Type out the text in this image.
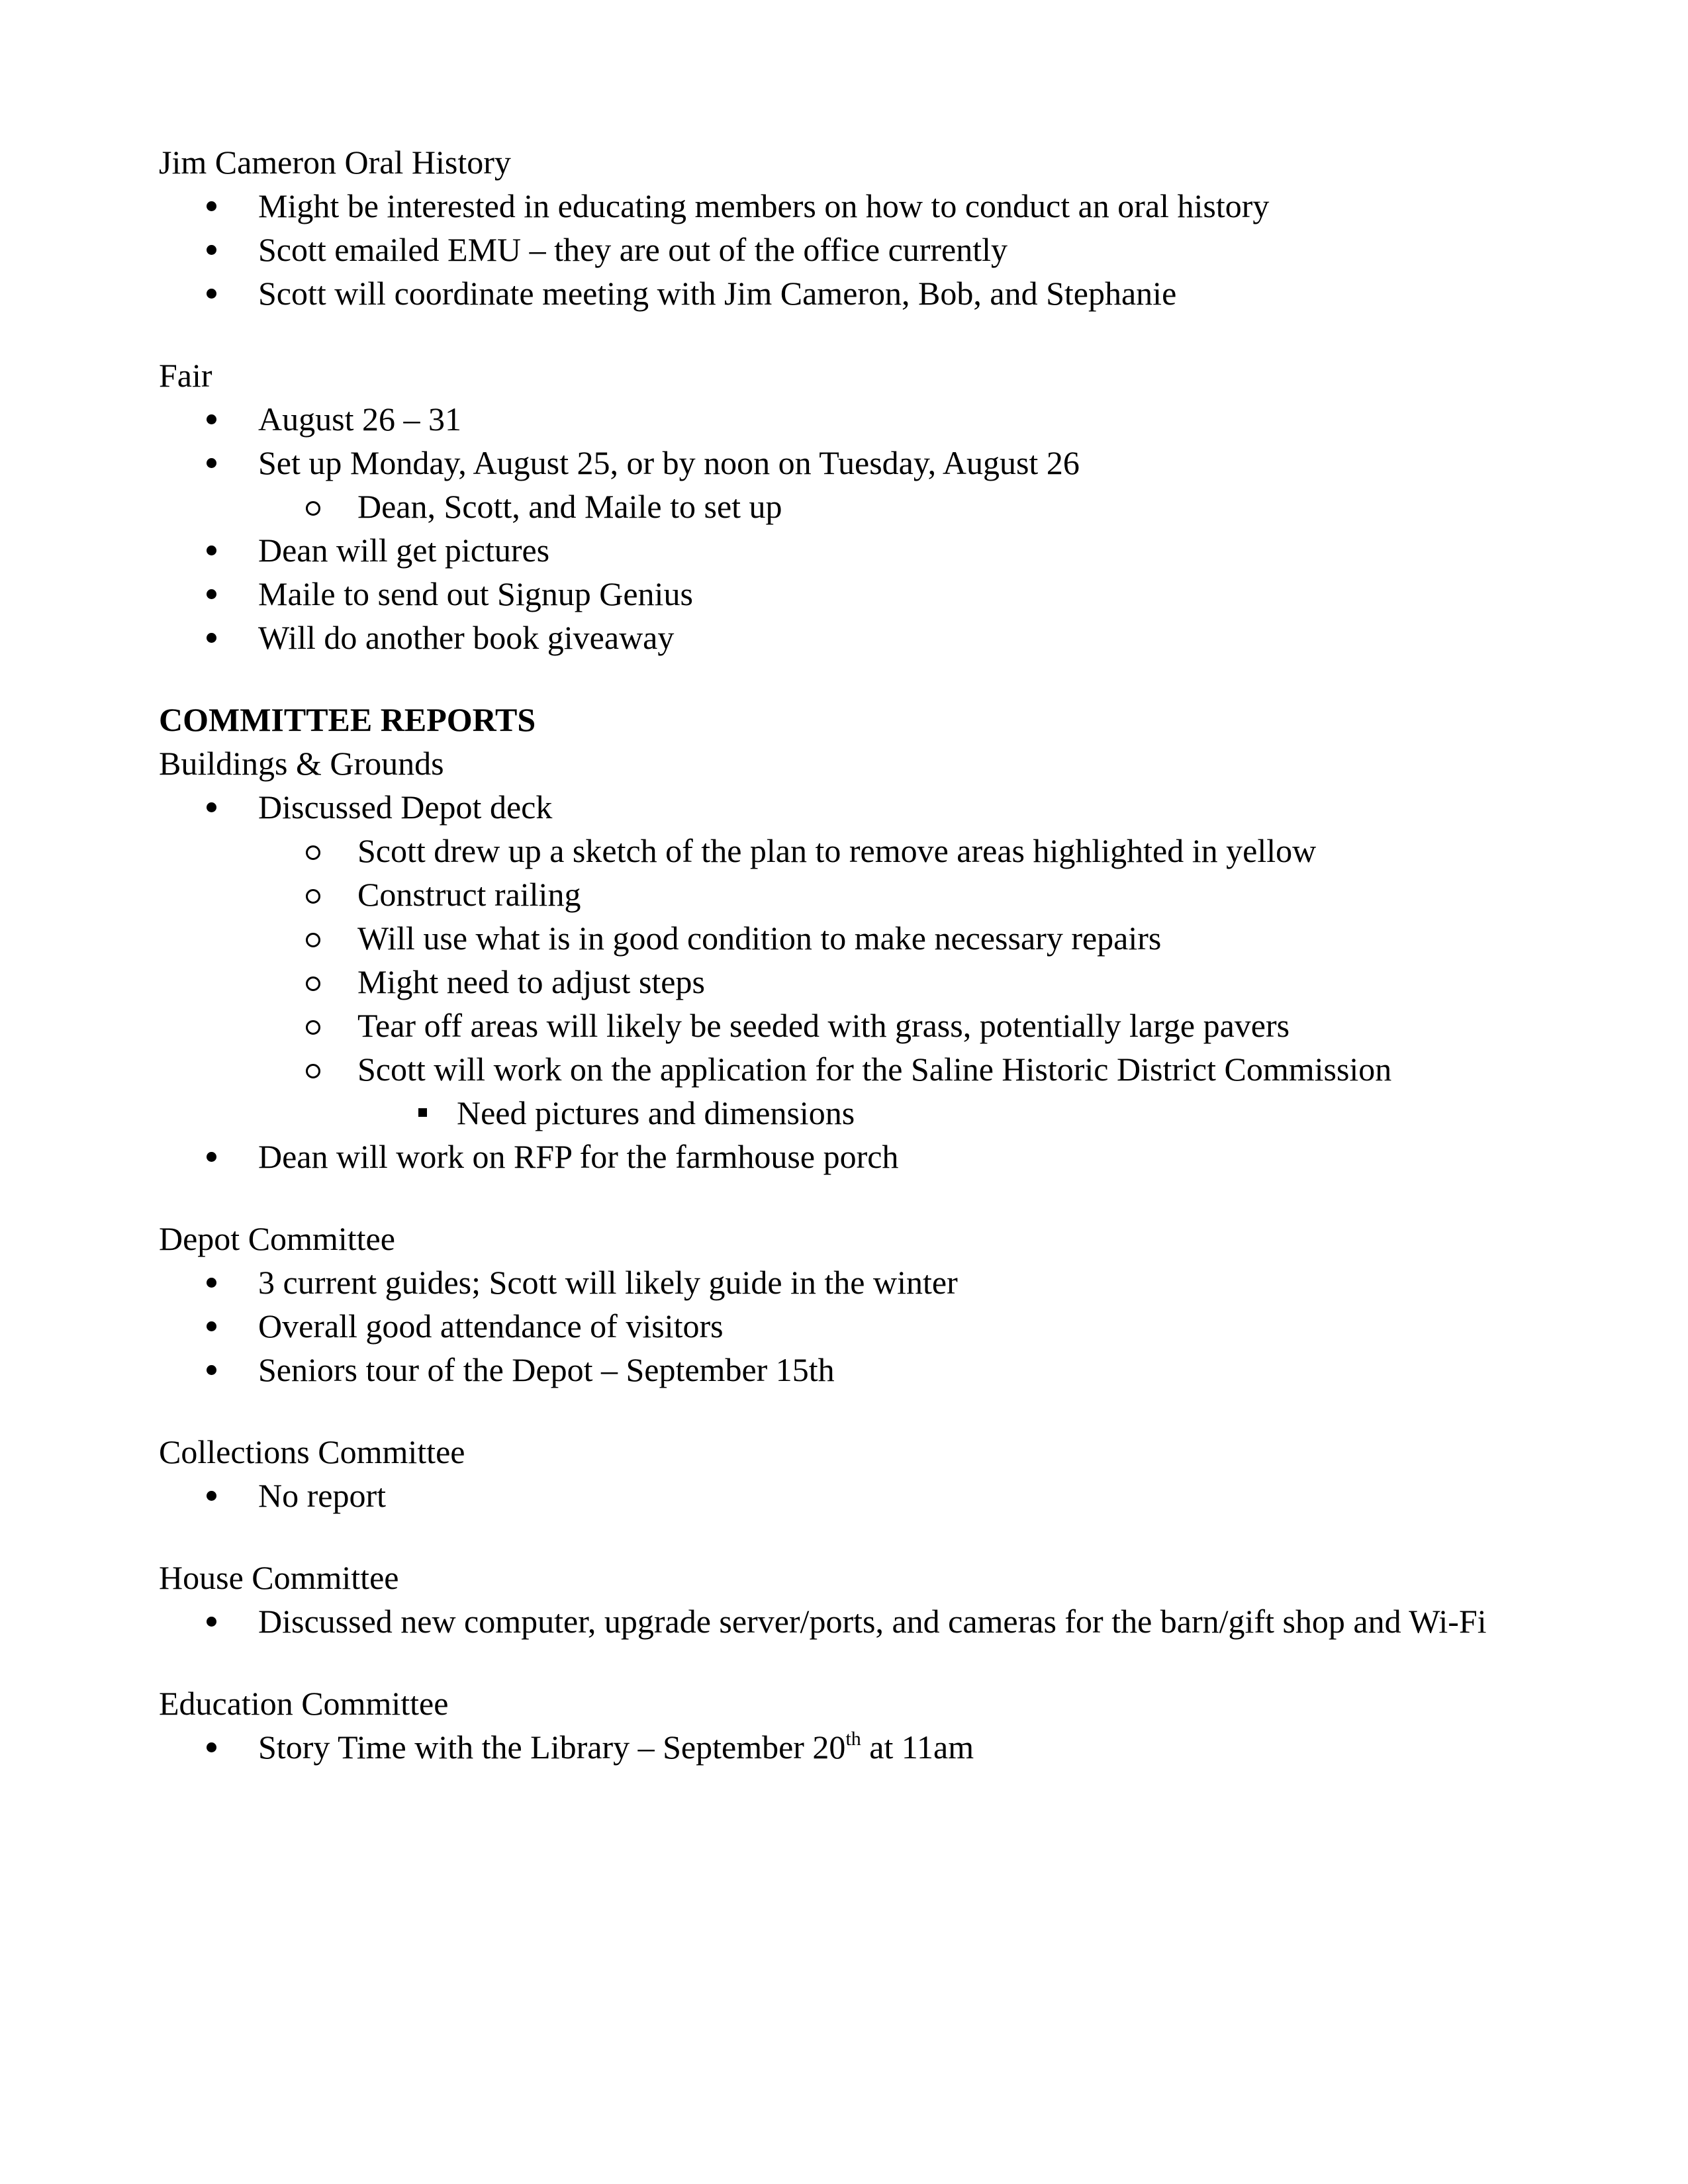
Jim Cameron Oral History

Might be interested in educating members on how to conduct an oral history
Scott emailed EMU – they are out of the office currently
Scott will coordinate meeting with Jim Cameron, Bob, and Stephanie

Fair

August 26 – 31
Set up Monday, August 25, or by noon on Tuesday, August 26
Dean, Scott, and Maile to set up
Dean will get pictures
Maile to send out Signup Genius
Will do another book giveaway

COMMITTEE REPORTS

Buildings & Grounds

Discussed Depot deck
Scott drew up a sketch of the plan to remove areas highlighted in yellow
Construct railing
Will use what is in good condition to make necessary repairs
Might need to adjust steps
Tear off areas will likely be seeded with grass, potentially large pavers
Scott will work on the application for the Saline Historic District Commission
Need pictures and dimensions
Dean will work on RFP for the farmhouse porch

Depot Committee

3 current guides; Scott will likely guide in the winter
Overall good attendance of visitors
Seniors tour of the Depot – September 15th

Collections Committee

No report

House Committee

Discussed new computer, upgrade server/ports, and cameras for the barn/gift shop and Wi-Fi

Education Committee

Story Time with the Library – September 20th at 11am
